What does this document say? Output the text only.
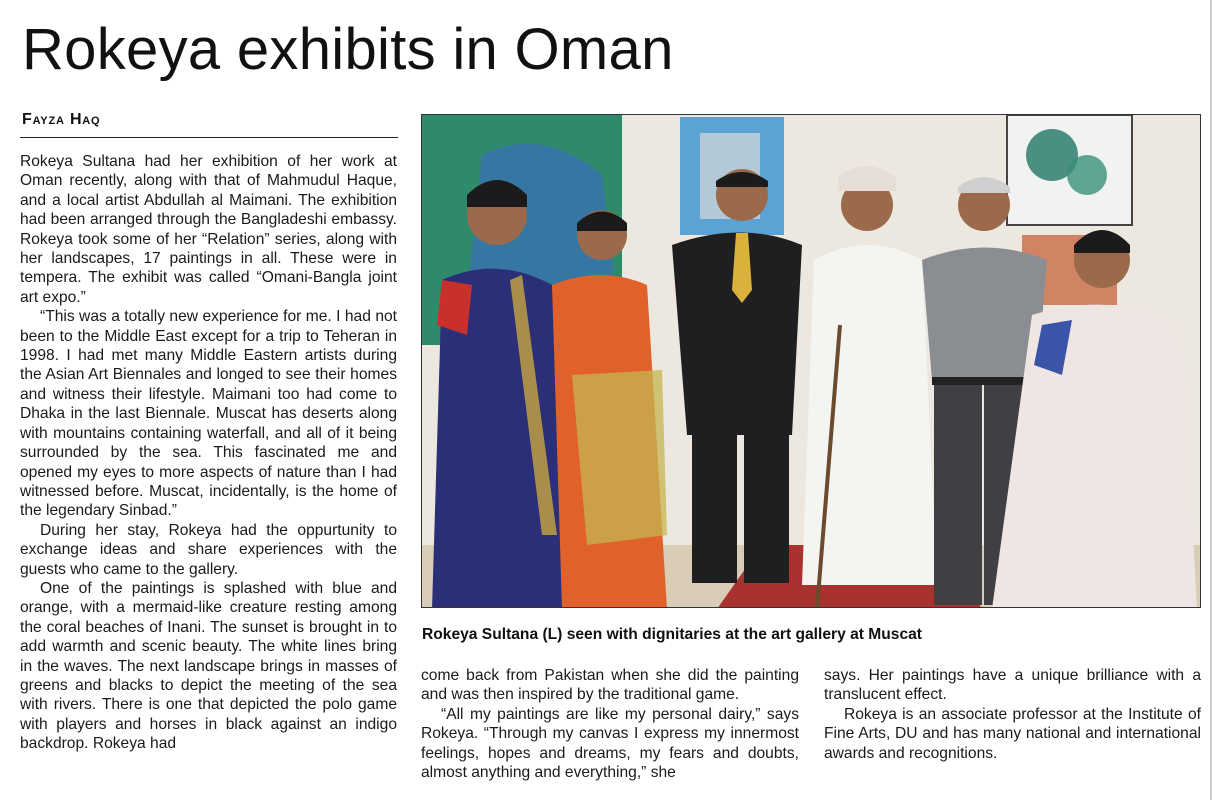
Rokeya exhibits in Oman
Fayza Haq

Rokeya Sultana had her exhibition of her work at Oman recently, along with that of Mahmudul Haque, and a local artist Abdullah al Maimani. The exhibition had been arranged through the Bangladeshi embassy. Rokeya took some of her “Relation” series, along with her landscapes, 17 paintings in all. These were in tempera. The exhibit was called “Omani-Bangla joint art expo.”

“This was a totally new experience for me. I had not been to the Middle East except for a trip to Teheran in 1998. I had met many Middle Eastern artists during the Asian Art Biennales and longed to see their homes and witness their lifestyle. Maimani too had come to Dhaka in the last Biennale. Muscat has deserts along with mountains containing waterfall, and all of it being surrounded by the sea. This fascinated me and opened my eyes to more aspects of nature than I had witnessed before. Muscat, incidentally, is the home of the legendary Sinbad.”

During her stay, Rokeya had the oppurtunity to exchange ideas and share experiences with the guests who came to the gallery.

One of the paintings is splashed with blue and orange, with a mermaid-like creature resting among the coral beaches of Inani. The sunset is brought in to add warmth and scenic beauty. The white lines bring in the waves. The next landscape brings in masses of greens and blacks to depict the meeting of the sea with rivers. There is one that depicted the polo game with players and horses in black against an indigo backdrop. Rokeya had

Rokeya Sultana (L) seen with dignitaries at the art gallery at Muscat

come back from Pakistan when she did the painting and was then inspired by the traditional game.

“All my paintings are like my personal dairy,” says Rokeya. “Through my canvas I express my innermost feelings, hopes and dreams, my fears and doubts, almost anything and everything,” she

says. Her paintings have a unique brilliance with a translucent effect.

Rokeya is an associate professor at the Institute of Fine Arts, DU and has many national and international awards and recognitions.
